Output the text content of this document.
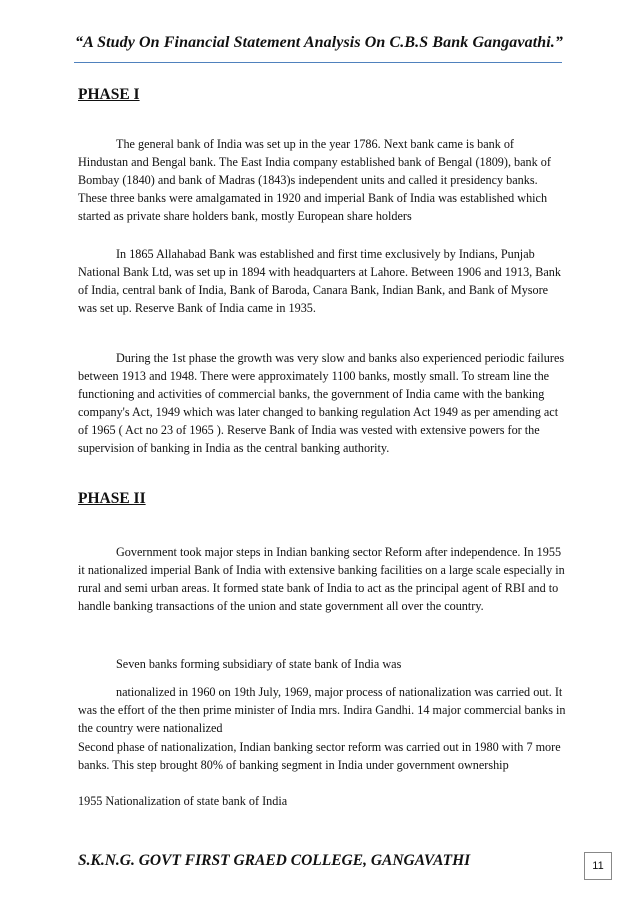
“A Study On Financial Statement Analysis On C.B.S Bank Gangavathi.”
PHASE I

The general bank of India was set up in the year 1786. Next bank came is bank of Hindustan and Bengal bank. The East India company established bank of Bengal (1809), bank of Bombay (1840) and bank of Madras (1843)s independent units and called it presidency banks. These three banks were amalgamated in 1920 and imperial Bank of India was established which started as private share holders bank, mostly European share holders

In 1865 Allahabad Bank was established and first time exclusively by Indians, Punjab National Bank Ltd, was set up in 1894 with headquarters at Lahore. Between 1906 and 1913, Bank of India, central bank of India, Bank of Baroda, Canara Bank, Indian Bank, and Bank of Mysore was set up. Reserve Bank of India came in 1935.

During the 1st phase the growth was very slow and banks also experienced periodic failures between 1913 and 1948. There were approximately 1100 banks, mostly small. To stream line the functioning and activities of commercial banks, the government of India came with the banking company's Act, 1949 which was later changed to banking regulation Act 1949 as per amending act of 1965 ( Act no 23 of 1965 ). Reserve Bank of India was vested with extensive powers for the supervision of banking in India as the central banking authority.

PHASE II

Government took major steps in Indian banking sector Reform after independence. In 1955 it nationalized imperial Bank of India with extensive banking facilities on a large scale especially in rural and semi urban areas. It formed state bank of India to act as the principal agent of RBI and to handle banking transactions of the union and state government all over the country.

Seven banks forming subsidiary of state bank of India was

nationalized in 1960 on 19th July, 1969, major process of nationalization was carried out. It was the effort of the then prime minister of India mrs. Indira Gandhi. 14 major commercial banks in the country were nationalized

Second phase of nationalization, Indian banking sector reform was carried out in 1980 with 7 more banks. This step brought 80% of banking segment in India under government ownership

1955 Nationalization of state bank of India

S.K.N.G. GOVT FIRST GRAED COLLEGE, GANGAVATHI	11
